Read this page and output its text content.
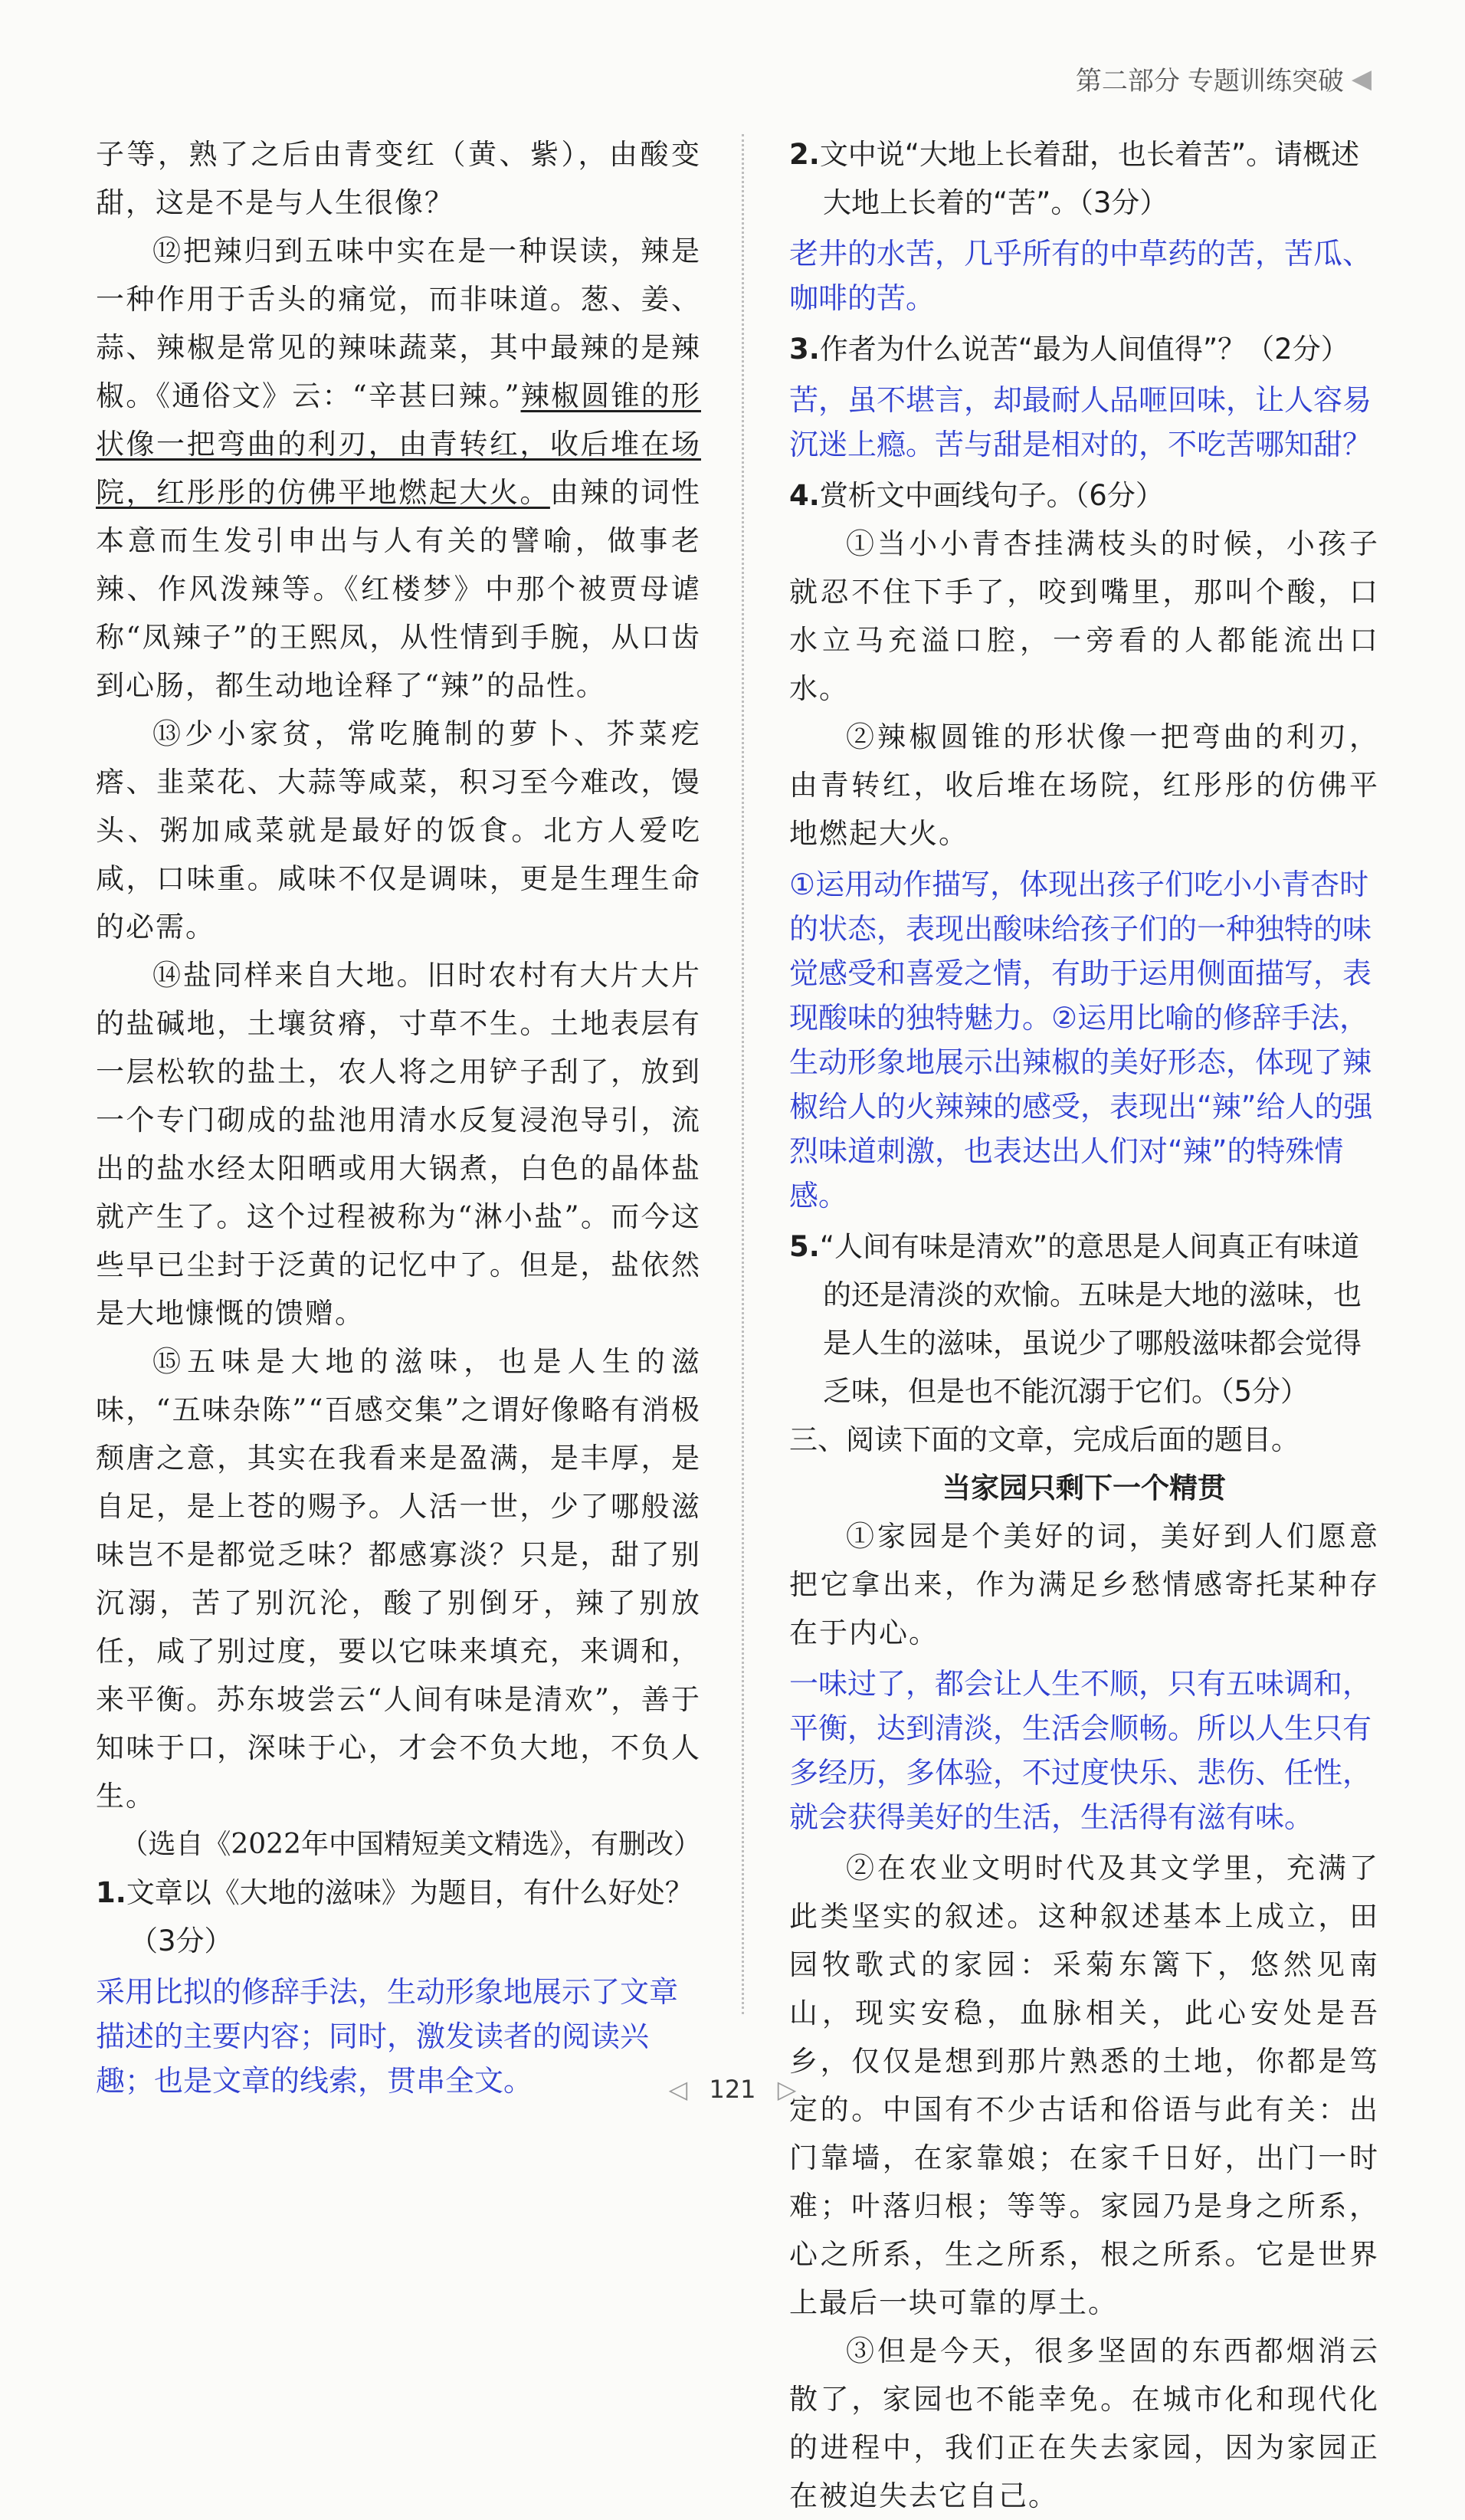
第二部分 专题训练突破 ◀

子等，熟了之后由青变红（黄、紫），由酸变甜，这是不是与人生很像？

⑫把辣归到五味中实在是一种误读，辣是一种作用于舌头的痛觉，而非味道。葱、姜、蒜、辣椒是常见的辣味蔬菜，其中最辣的是辣椒。《通俗文》云：“辛甚曰辣。”辣椒圆锥的形状像一把弯曲的利刃，由青转红，收后堆在场院，红彤彤的仿佛平地燃起大火。由辣的词性本意而生发引申出与人有关的譬喻，做事老辣、作风泼辣等。《红楼梦》中那个被贾母谑称“凤辣子”的王熙凤，从性情到手腕，从口齿到心肠，都生动地诠释了“辣”的品性。

⑬少小家贫，常吃腌制的萝卜、芥菜疙瘩、韭菜花、大蒜等咸菜，积习至今难改，馒头、粥加咸菜就是最好的饭食。北方人爱吃咸，口味重。咸味不仅是调味，更是生理生命的必需。

⑭盐同样来自大地。旧时农村有大片大片的盐碱地，土壤贫瘠，寸草不生。土地表层有一层松软的盐土，农人将之用铲子刮了，放到一个专门砌成的盐池用清水反复浸泡导引，流出的盐水经太阳晒或用大锅煮，白色的晶体盐就产生了。这个过程被称为“淋小盐”。而今这些早已尘封于泛黄的记忆中了。但是，盐依然是大地慷慨的馈赠。

⑮五味是大地的滋味，也是人生的滋味，“五味杂陈”“百感交集”之谓好像略有消极颓唐之意，其实在我看来是盈满，是丰厚，是自足，是上苍的赐予。人活一世，少了哪般滋味岂不是都觉乏味？都感寡淡？只是，甜了别沉溺，苦了别沉沦，酸了别倒牙，辣了别放任，咸了别过度，要以它味来填充，来调和，来平衡。苏东坡尝云“人间有味是清欢”，善于知味于口，深味于心，才会不负大地，不负人生。

（选自《2022年中国精短美文精选》，有删改）

1.文章以《大地的滋味》为题目，有什么好处？（3分）

采用比拟的修辞手法，生动形象地展示了文章描述的主要内容；同时，激发读者的阅读兴趣；也是文章的线索，贯串全文。

2.文中说“大地上长着甜，也长着苦”。请概述大地上长着的“苦”。（3分）

老井的水苦，几乎所有的中草药的苦，苦瓜、咖啡的苦。

3.作者为什么说苦“最为人间值得”？（2分）

苦，虽不堪言，却最耐人品咂回味，让人容易沉迷上瘾。苦与甜是相对的，不吃苦哪知甜？

4.赏析文中画线句子。（6分）

①当小小青杏挂满枝头的时候，小孩子就忍不住下手了，咬到嘴里，那叫个酸，口水立马充溢口腔，一旁看的人都能流出口水。

②辣椒圆锥的形状像一把弯曲的利刃，由青转红，收后堆在场院，红彤彤的仿佛平地燃起大火。

①运用动作描写，体现出孩子们吃小小青杏时的状态，表现出酸味给孩子们的一种独特的味觉感受和喜爱之情，有助于运用侧面描写，表现酸味的独特魅力。②运用比喻的修辞手法，生动形象地展示出辣椒的美好形态，体现了辣椒给人的火辣辣的感受，表现出“辣”给人的强烈味道刺激，也表达出人们对“辣”的特殊情感。

5.“人间有味是清欢”的意思是人间真正有味道的还是清淡的欢愉。五味是大地的滋味，也是人生的滋味，虽说少了哪般滋味都会觉得乏味，但是也不能沉溺于它们。（5分）

三、阅读下面的文章，完成后面的题目。

当家园只剩下一个精贯

①家园是个美好的词，美好到人们愿意把它拿出来，作为满足乡愁情感寄托某种存在于内心。

一味过了，都会让人生不顺，只有五味调和，平衡，达到清淡，生活会顺畅。所以人生只有多经历，多体验，不过度快乐、悲伤、任性，就会获得美好的生活，生活得有滋有味。

②在农业文明时代及其文学里，充满了此类坚实的叙述。这种叙述基本上成立，田园牧歌式的家园：采菊东篱下，悠然见南山，现实安稳，血脉相关，此心安处是吾乡，仅仅是想到那片熟悉的土地，你都是笃定的。中国有不少古话和俗语与此有关：出门靠墙，在家靠娘；在家千日好，出门一时难；叶落归根；等等。家园乃是身之所系，心之所系，生之所系，根之所系。它是世界上最后一块可靠的厚土。

③但是今天，很多坚固的东西都烟消云散了，家园也不能幸免。在城市化和现代化的进程中，我们正在失去家园，因为家园正在被迫失去它自己。

◁ 121 ▷
